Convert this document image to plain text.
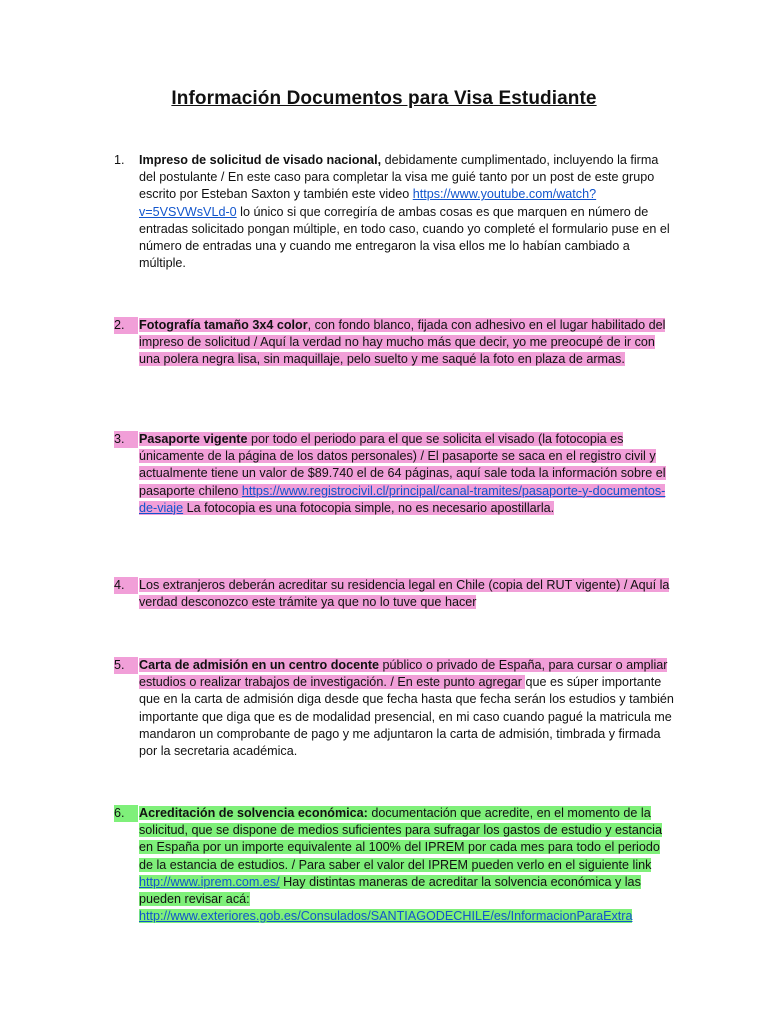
Información Documentos para Visa Estudiante
1.	Impreso de solicitud de visado nacional, debidamente cumplimentado, incluyendo la firma del postulante / En este caso para completar la visa me guié tanto por un post de este grupo escrito por Esteban Saxton y también este video https://www.youtube.com/watch?v=5VSVWsVLd-0 lo único si que corregiría de ambas cosas es que marquen en número de entradas solicitado pongan múltiple, en todo caso, cuando yo completé el formulario puse en el número de entradas una y cuando me entregaron la visa ellos me lo habían cambiado a múltiple.

2.	Fotografía tamaño 3x4 color, con fondo blanco, fijada con adhesivo en el lugar habilitado del impreso de solicitud / Aquí la verdad no hay mucho más que decir, yo me preocupé de ir con una polera negra lisa, sin maquillaje, pelo suelto y me saqué la foto en plaza de armas.

3.	Pasaporte vigente por todo el periodo para el que se solicita el visado (la fotocopia es únicamente de la página de los datos personales) / El pasaporte se saca en el registro civil y actualmente tiene un valor de $89.740 el de 64 páginas, aquí sale toda la información sobre el pasaporte chileno https://www.registrocivil.cl/principal/canal-tramites/pasaporte-y-documentos-de-viaje La fotocopia es una fotocopia simple, no es necesario apostillarla.

4.	Los extranjeros deberán acreditar su residencia legal en Chile (copia del RUT vigente) / Aquí la verdad desconozco este trámite ya que no lo tuve que hacer

5.	Carta de admisión en un centro docente público o privado de España, para cursar o ampliar estudios o realizar trabajos de investigación. / En este punto agregar que es súper importante que en la carta de admisión diga desde que fecha hasta que fecha serán los estudios y también importante que diga que es de modalidad presencial, en mi caso cuando pagué la matricula me mandaron un comprobante de pago y me adjuntaron la carta de admisión, timbrada y firmada por la secretaria académica.

6.	Acreditación de solvencia económica: documentación que acredite, en el momento de la solicitud, que se dispone de medios suficientes para sufragar los gastos de estudio y estancia en España por un importe equivalente al 100% del IPREM por cada mes para todo el periodo de la estancia de estudios. / Para saber el valor del IPREM pueden verlo en el siguiente link http://www.iprem.com.es/ Hay distintas maneras de acreditar la solvencia económica y las pueden revisar acá:
http://www.exteriores.gob.es/Consulados/SANTIAGODECHILE/es/InformacionParaExtra
